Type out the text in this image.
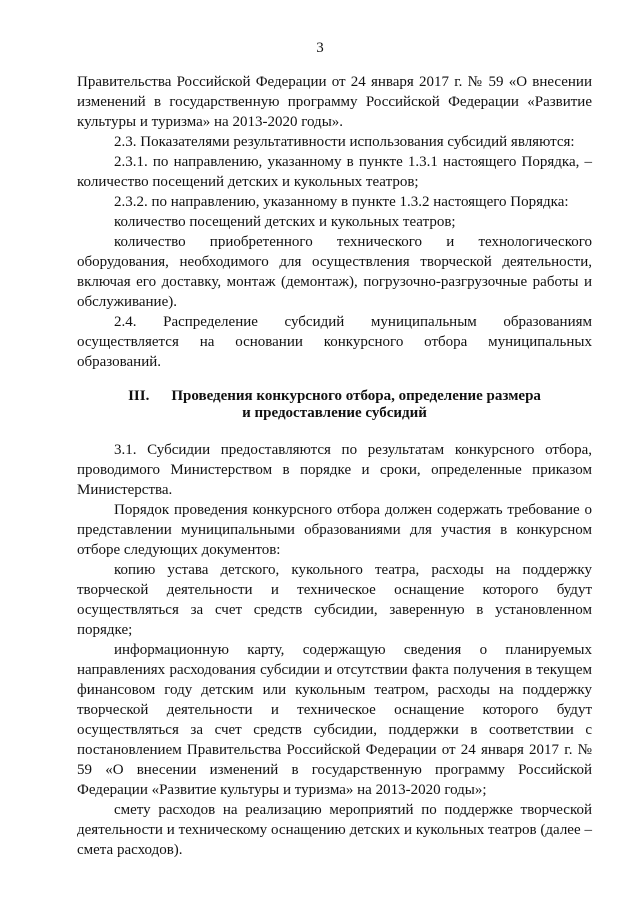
3

Правительства Российской Федерации от 24 января 2017 г. № 59 «О внесении изменений в государственную программу Российской Федерации «Развитие культуры и туризма» на 2013-2020 годы».

2.3. Показателями результативности использования субсидий являются:

2.3.1. по направлению, указанному в пункте 1.3.1 настоящего Порядка, – количество посещений детских и кукольных театров;

2.3.2. по направлению, указанному в пункте 1.3.2 настоящего Порядка:

количество посещений детских и кукольных театров;

количество приобретенного технического и технологического оборудования, необходимого для осуществления творческой деятельности, включая его доставку, монтаж (демонтаж), погрузочно-разгрузочные работы и обслуживание).

2.4. Распределение субсидий муниципальным образованиям осуществляется на основании конкурсного отбора муниципальных образований.

III. Проведения конкурсного отбора, определение размера
и предоставление субсидий

3.1. Субсидии предоставляются по результатам конкурсного отбора, проводимого Министерством в порядке и сроки, определенные приказом Министерства.

Порядок проведения конкурсного отбора должен содержать требование о представлении муниципальными образованиями для участия в конкурсном отборе следующих документов:

копию устава детского, кукольного театра, расходы на поддержку творческой деятельности и техническое оснащение которого будут осуществляться за счет средств субсидии, заверенную в установленном порядке;

информационную карту, содержащую сведения о планируемых направлениях расходования субсидии и отсутствии факта получения в текущем финансовом году детским или кукольным театром, расходы на поддержку творческой деятельности и техническое оснащение которого будут осуществляться за счет средств субсидии, поддержки в соответствии с постановлением Правительства Российской Федерации от 24 января 2017 г. № 59 «О внесении изменений в государственную программу Российской Федерации «Развитие культуры и туризма» на 2013-2020 годы»;

смету расходов на реализацию мероприятий по поддержке творческой деятельности и техническому оснащению детских и кукольных театров (далее – смета расходов).
